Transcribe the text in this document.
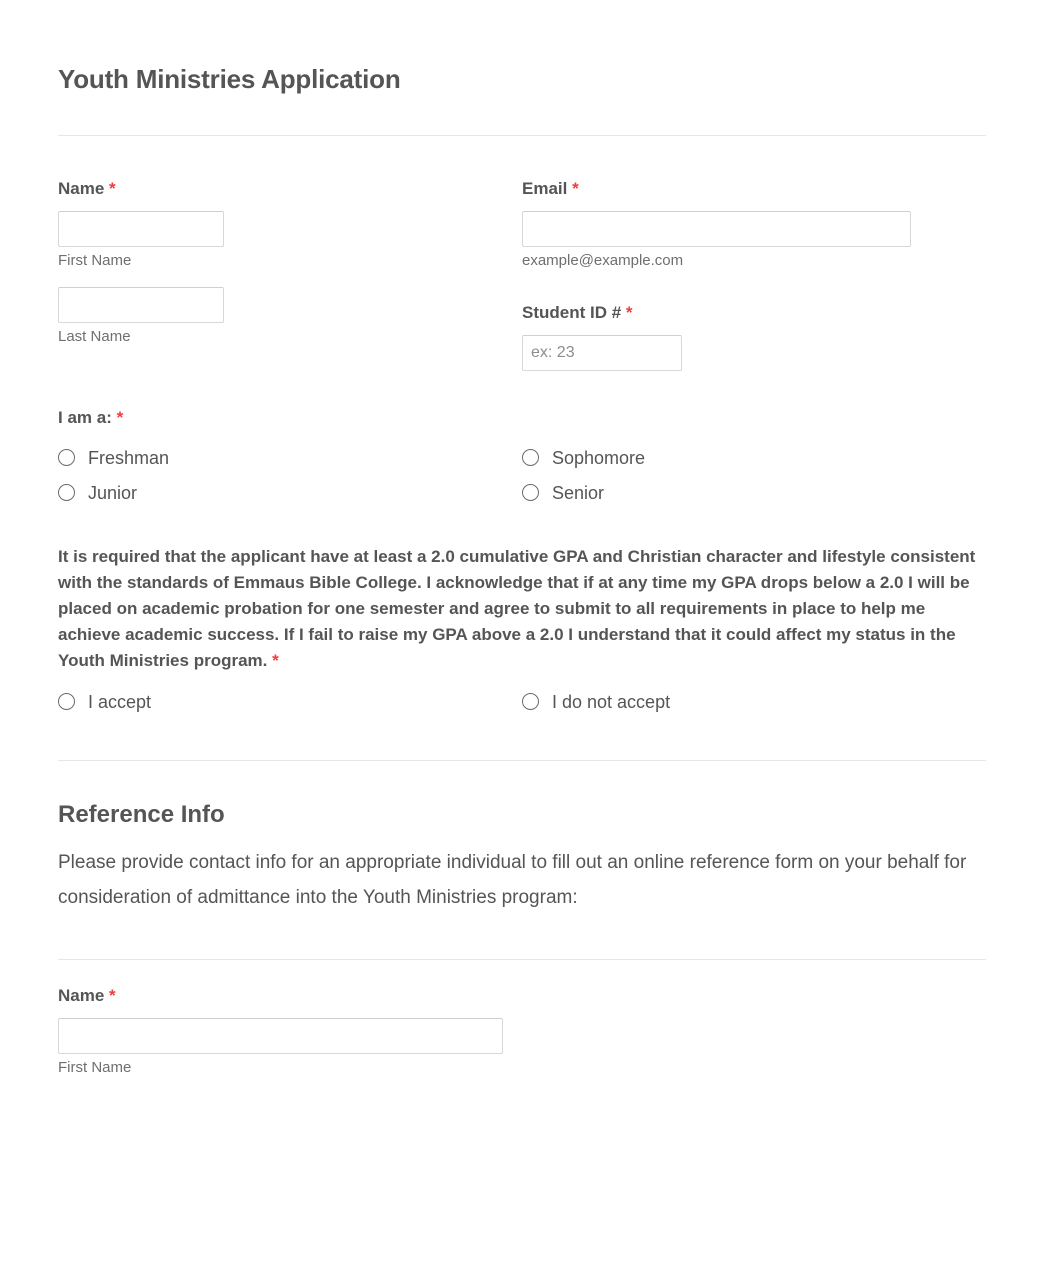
Youth Ministries Application
Name *
First Name
Last Name
Email *
example@example.com
Student ID # *
ex: 23
I am a: *
Freshman	Sophomore
Junior	Senior

It is required that the applicant have at least a 2.0 cumulative GPA and Christian character and lifestyle consistent with the standards of Emmaus Bible College. I acknowledge that if at any time my GPA drops below a 2.0 I will be placed on academic probation for one semester and agree to submit to all requirements in place to help me achieve academic success. If I fail to raise my GPA above a 2.0 I understand that it could affect my status in the Youth Ministries program. *

I accept	I do not accept
Reference Info

Please provide contact info for an appropriate individual to fill out an online reference form on your behalf for consideration of admittance into the Youth Ministries program:

Name *
First Name
